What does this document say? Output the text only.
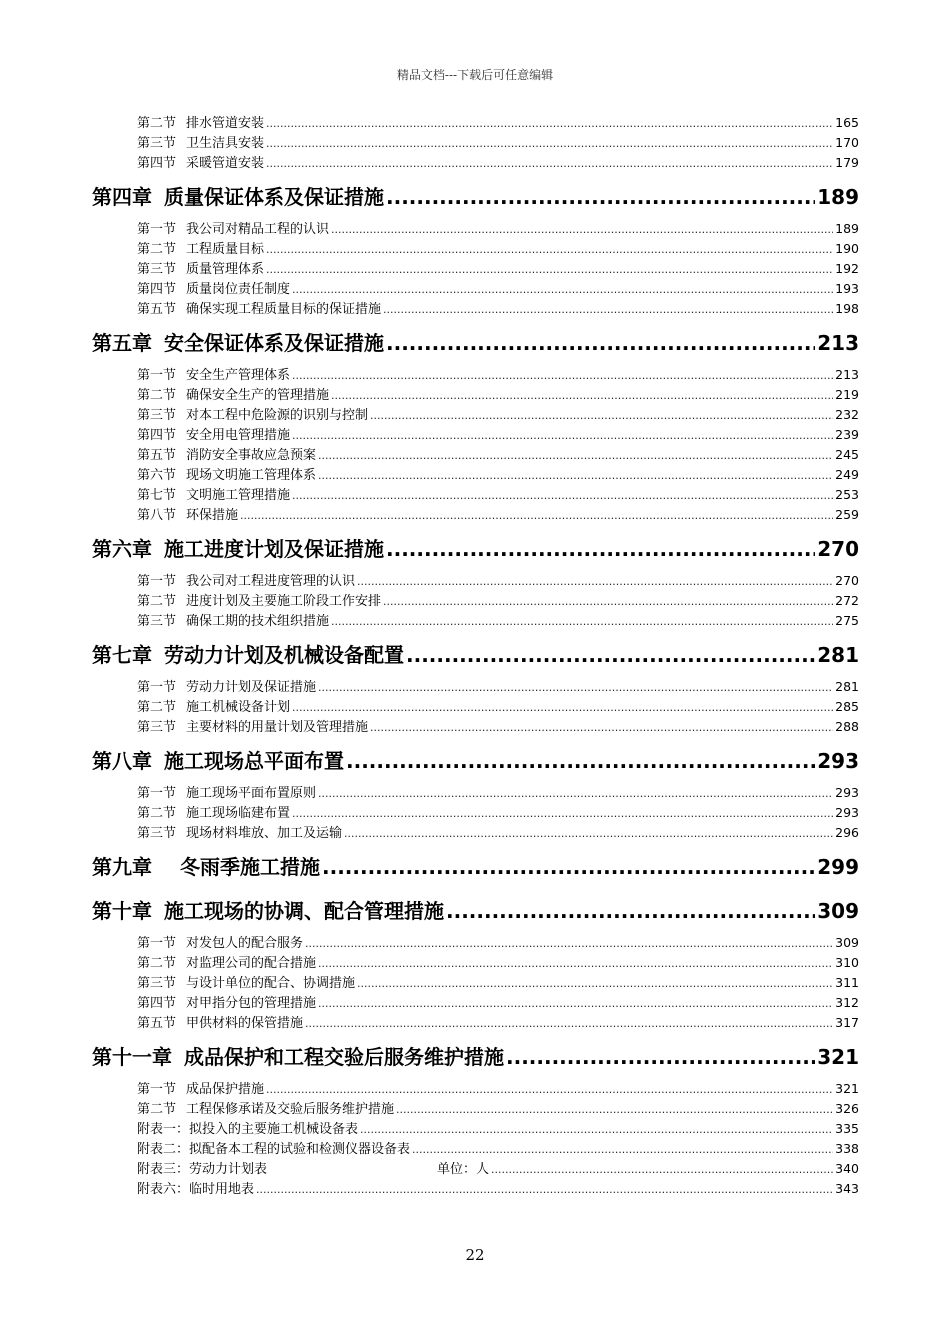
精品文档---下载后可任意编辑
第二节 排水管道安装 .....	165
第三节 卫生洁具安装 .....	170
第四节 采暖管道安装 .....	179
第四章 质量保证体系及保证措施 .....	189
第一节 我公司对精品工程的认识 .....	189
第二节 工程质量目标 .....	190
第三节 质量管理体系 .....	192
第四节 质量岗位责任制度 .....	193
第五节 确保实现工程质量目标的保证措施 .....	198
第五章 安全保证体系及保证措施 .....	213
第一节 安全生产管理体系 .....	213
第二节 确保安全生产的管理措施 .....	219
第三节 对本工程中危险源的识别与控制 .....	232
第四节 安全用电管理措施 .....	239
第五节 消防安全事故应急预案 .....	245
第六节 现场文明施工管理体系 .....	249
第七节 文明施工管理措施 .....	253
第八节 环保措施 .....	259
第六章 施工进度计划及保证措施 .....	270
第一节 我公司对工程进度管理的认识 .....	270
第二节 进度计划及主要施工阶段工作安排 .....	272
第三节 确保工期的技术组织措施 .....	275
第七章 劳动力计划及机械设备配置 .....	281
第一节 劳动力计划及保证措施 .....	281
第二节 施工机械设备计划 .....	285
第三节 主要材料的用量计划及管理措施 .....	288
第八章 施工现场总平面布置 .....	293
第一节 施工现场平面布置原则 .....	293
第二节 施工现场临建布置 .....	293
第三节 现场材料堆放、加工及运输 .....	296
第九章 冬雨季施工措施 .....	299
第十章 施工现场的协调、配合管理措施 .....	309
第一节 对发包人的配合服务 .....	309
第二节 对监理公司的配合措施 .....	310
第三节 与设计单位的配合、协调措施 .....	311
第四节 对甲指分包的管理措施 .....	312
第五节 甲供材料的保管措施 .....	317
第十一章 成品保护和工程交验后服务维护措施 .....	321
第一节 成品保护措施 .....	321
第二节 工程保修承诺及交验后服务维护措施 .....	326
附表一：拟投入的主要施工机械设备表 .....	335
附表二：拟配备本工程的试验和检测仪器设备表 .....	338
附表三：劳动力计划表	单位：人 .....	340
附表六：临时用地表 .....	343
22
